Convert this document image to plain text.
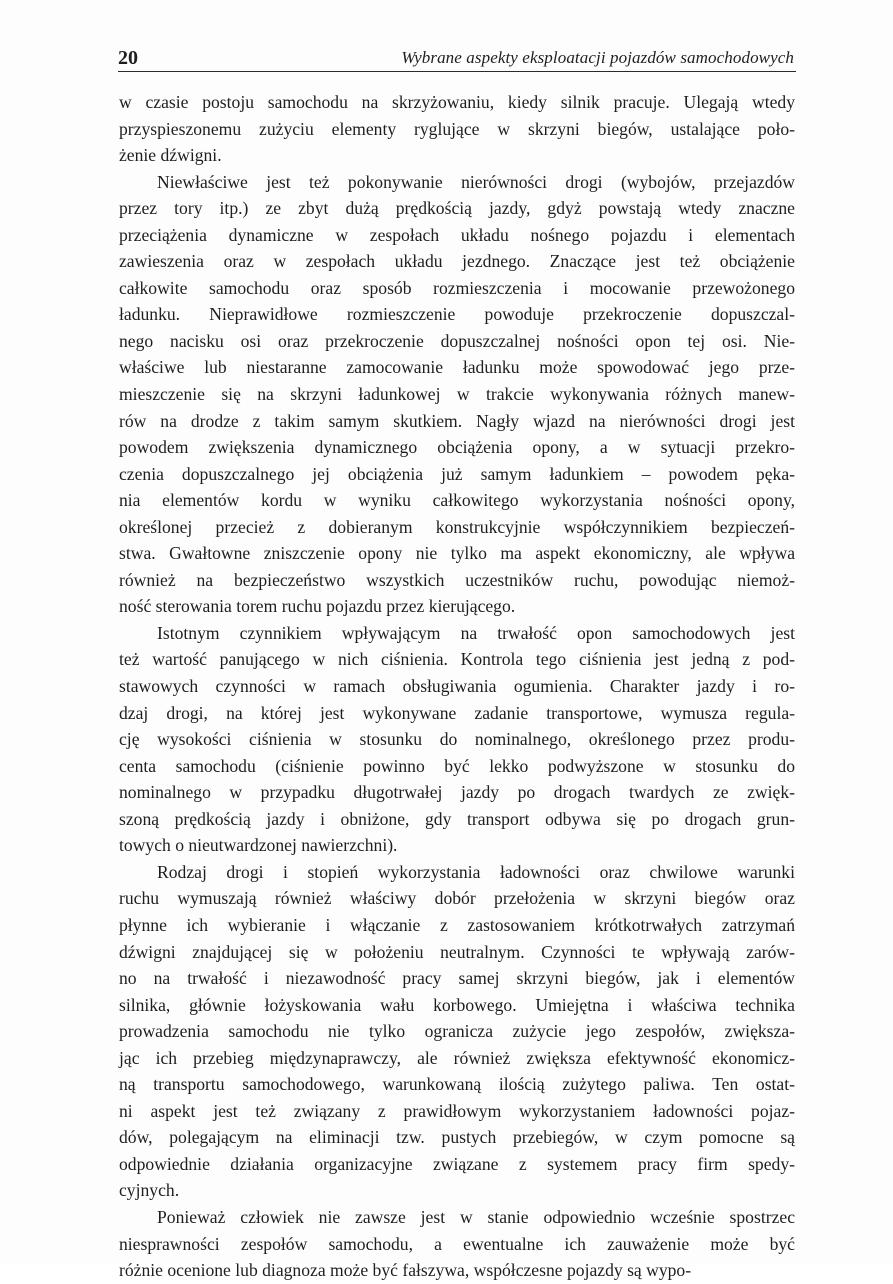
20	Wybrane aspekty eksploatacji pojazdów samochodowych
w czasie postoju samochodu na skrzyżowaniu, kiedy silnik pracuje. Ulegają wtedy
przyspieszonemu zużyciu elementy ryglujące w skrzyni biegów, ustalające poło-
żenie dźwigni.
Niewłaściwe jest też pokonywanie nierówności drogi (wybojów, przejazdów
przez tory itp.) ze zbyt dużą prędkością jazdy, gdyż powstają wtedy znaczne
przeciążenia dynamiczne w zespołach układu nośnego pojazdu i elementach
zawieszenia oraz w zespołach układu jezdnego. Znaczące jest też obciążenie
całkowite samochodu oraz sposób rozmieszczenia i mocowanie przewożonego
ładunku. Nieprawidłowe rozmieszczenie powoduje przekroczenie dopuszczal-
nego nacisku osi oraz przekroczenie dopuszczalnej nośności opon tej osi. Nie-
właściwe lub niestaranne zamocowanie ładunku może spowodować jego prze-
mieszczenie się na skrzyni ładunkowej w trakcie wykonywania różnych manew-
rów na drodze z takim samym skutkiem. Nagły wjazd na nierówności drogi jest
powodem zwiększenia dynamicznego obciążenia opony, a w sytuacji przekro-
czenia dopuszczalnego jej obciążenia już samym ładunkiem – powodem pęka-
nia elementów kordu w wyniku całkowitego wykorzystania nośności opony,
określonej przecież z dobieranym konstrukcyjnie współczynnikiem bezpieczeń-
stwa. Gwałtowne zniszczenie opony nie tylko ma aspekt ekonomiczny, ale wpływa
również na bezpieczeństwo wszystkich uczestników ruchu, powodując niemoż-
ność sterowania torem ruchu pojazdu przez kierującego.
Istotnym czynnikiem wpływającym na trwałość opon samochodowych jest
też wartość panującego w nich ciśnienia. Kontrola tego ciśnienia jest jedną z pod-
stawowych czynności w ramach obsługiwania ogumienia. Charakter jazdy i ro-
dzaj drogi, na której jest wykonywane zadanie transportowe, wymusza regula-
cję wysokości ciśnienia w stosunku do nominalnego, określonego przez produ-
centa samochodu (ciśnienie powinno być lekko podwyższone w stosunku do
nominalnego w przypadku długotrwałej jazdy po drogach twardych ze zwięk-
szoną prędkością jazdy i obniżone, gdy transport odbywa się po drogach grun-
towych o nieutwardzonej nawierzchni).
Rodzaj drogi i stopień wykorzystania ładowności oraz chwilowe warunki
ruchu wymuszają również właściwy dobór przełożenia w skrzyni biegów oraz
płynne ich wybieranie i włączanie z zastosowaniem krótkotrwałych zatrzymań
dźwigni znajdującej się w położeniu neutralnym. Czynności te wpływają zarów-
no na trwałość i niezawodność pracy samej skrzyni biegów, jak i elementów
silnika, głównie łożyskowania wału korbowego. Umiejętna i właściwa technika
prowadzenia samochodu nie tylko ogranicza zużycie jego zespołów, zwiększa-
jąc ich przebieg międzynaprawczy, ale również zwiększa efektywność ekonomicz-
ną transportu samochodowego, warunkowaną ilością zużytego paliwa. Ten ostat-
ni aspekt jest też związany z prawidłowym wykorzystaniem ładowności pojaz-
dów, polegającym na eliminacji tzw. pustych przebiegów, w czym pomocne są
odpowiednie działania organizacyjne związane z systemem pracy firm spedy-
cyjnych.
Ponieważ człowiek nie zawsze jest w stanie odpowiednio wcześnie spostrzec
niesprawności zespołów samochodu, a ewentualne ich zauważenie może być
różnie ocenione lub diagnoza może być fałszywa, współczesne pojazdy są wypo-
